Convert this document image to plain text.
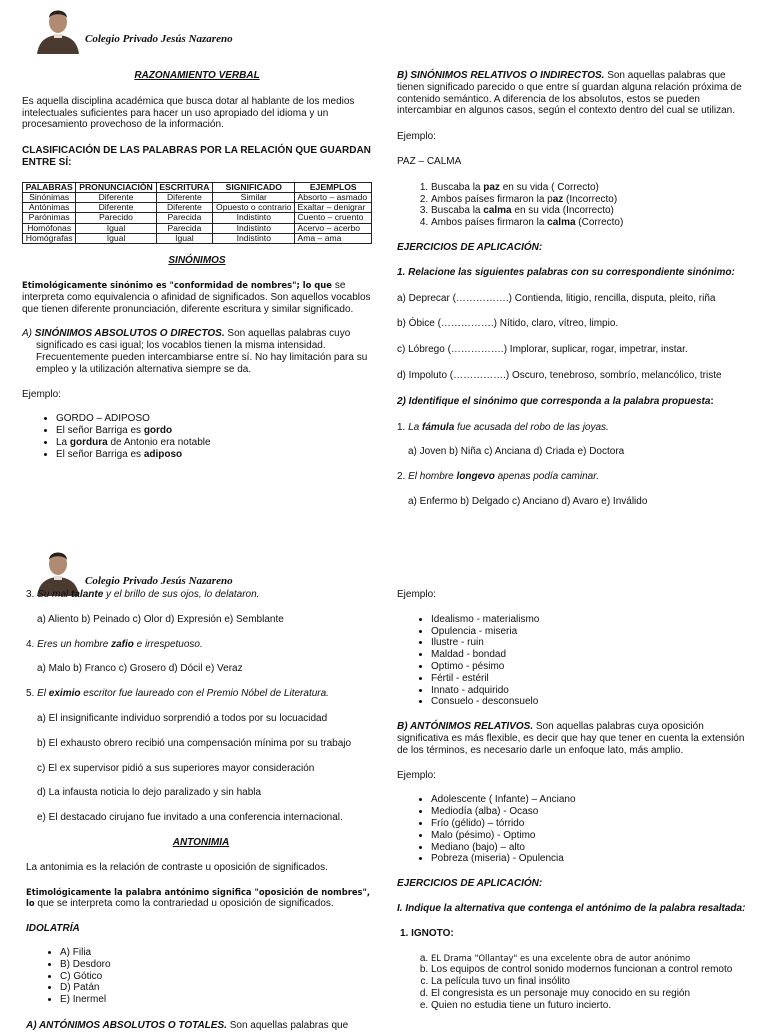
Colegio Privado Jesús Nazareno

RAZONAMIENTO VERBAL

Es aquella disciplina académica que busca dotar al hablante de los medios intelectuales suficientes para hacer un uso apropiado del idioma y un procesamiento provechoso de la información.

CLASIFICACIÓN DE LAS PALABRAS POR LA RELACIÓN QUE GUARDAN ENTRE SÍ:

PALABRAS	PRONUNCIACIÓN	ESCRITURA	SIGNIFICADO	EJEMPLOS
Sinónimas	Diferente	Diferente	Similar	Absorto – asmado
Antónimas	Diferente	Diferente	Opuesto o contrario	Exaltar – denigrar
Parónimas	Parecido	Parecida	Indistinto	Cuento – cruento
Homófonas	Igual	Parecida	Indistinto	Acervo – acerbo
Homógrafas	Igual	Igual	Indistinto	Ama – ama

SINÓNIMOS

Etimológicamente sinónimo es "conformidad de nombres"; lo que se interpreta como equivalencia o afinidad de significados. Son aquellos vocablos que tienen diferente pronunciación, diferente escritura y similar significado.

A) SINÓNIMOS ABSOLUTOS O DIRECTOS. Son aquellas palabras cuyo significado es casi igual; los vocablos tienen la misma intensidad. Frecuentemente pueden intercambiarse entre sí. No hay limitación para su empleo y la utilización alternativa siempre se da.

Ejemplo:

• GORDO – ADIPOSO
• El señor Barriga es gordo
• La gordura de Antonio era notable
• El señor Barriga es adiposo

B) SINÓNIMOS RELATIVOS O INDIRECTOS. Son aquellas palabras que tienen significado parecido o que entre sí guardan alguna relación próxima de contenido semántico. A diferencia de los absolutos, estos se pueden intercambiar en algunos casos, según el contexto dentro del cual se utilizan.

Ejemplo:

PAZ – CALMA

1. Buscaba la paz en su vida ( Correcto)
2. Ambos países firmaron la paz (Incorrecto)
3. Buscaba la calma en su vida (Incorrecto)
4. Ambos países firmaron la calma (Correcto)

EJERCICIOS DE APLICACIÓN:

1. Relacione las siguientes palabras con su correspondiente sinónimo:

a) Deprecar (…………….) Contienda, litigio, rencilla, disputa, pleito, riña

b) Óbice (…………….) Nítido, claro, vítreo, limpio.

c) Lóbrego (…………….) Implorar, suplicar, rogar, impetrar, instar.

d) Impoluto (…………….) Oscuro, tenebroso, sombrío, melancólico, triste

2) Identifique el sinónimo que corresponda a la palabra propuesta:

1. La fámula fue acusada del robo de las joyas.

a) Joven b) Niña c) Anciana d) Criada e) Doctora

2. El hombre longevo apenas podía caminar.

a) Enfermo b) Delgado c) Anciano d) Avaro e) Inválido

Colegio Privado Jesús Nazareno

3. Su mal talante y el brillo de sus ojos, lo delataron.

a) Aliento b) Peinado c) Olor d) Expresión e) Semblante

4. Eres un hombre zafio e irrespetuoso.

a) Malo b) Franco c) Grosero d) Dócil e) Veraz

5. El eximio escritor fue laureado con el Premio Nóbel de Literatura.

a) El insignificante individuo sorprendió a todos por su locuacidad

b) El exhausto obrero recibió una compensación mínima por su trabajo

c) El ex supervisor pidió a sus superiores mayor consideración

d) La infausta noticia lo dejo paralizado y sin habla

e) El destacado cirujano fue invitado a una conferencia internacional.

ANTONIMIA

La antonimia es la relación de contraste u oposición de significados.

Etimológicamente la palabra antónimo significa "oposición de nombres", lo que se interpreta como la contrariedad u oposición de significados.

IDOLATRÍA

• A) Filia
• B) Desdoro
• C) Gótico
• D) Patán
• E) Inermel

A) ANTÓNIMOS ABSOLUTOS O TOTALES. Son aquellas palabras que

Ejemplo:

• Idealismo - materialismo
• Opulencia - miseria
• Ilustre - ruin
• Maldad - bondad
• Optimo - pésimo
• Fértil - estéril
• Innato - adquirido
• Consuelo - desconsuelo

B) ANTÓNIMOS RELATIVOS. Son aquellas palabras cuya oposición significativa es más flexible, es decir que hay que tener en cuenta la extensión de los términos, es necesario darle un enfoque lato, más amplio.

Ejemplo:

• Adolescente ( Infante) – Anciano
• Mediodía (alba) - Ocaso
• Frío (gélido) – tórrido
• Malo (pésimo) - Optimo
• Mediano (bajo) – alto
• Pobreza (miseria) - Opulencia

EJERCICIOS DE APLICACIÓN:

I. Indique la alternativa que contenga el antónimo de la palabra resaltada:

1. IGNOTO:

a. EL Drama "Ollantay" es una excelente obra de autor anónimo
b. Los equipos de control sonido modernos funcionan a control remoto
c. La película tuvo un final insólito
d. El congresista es un personaje muy conocido en su región
e. Quien no estudia tiene un futuro incierto.
